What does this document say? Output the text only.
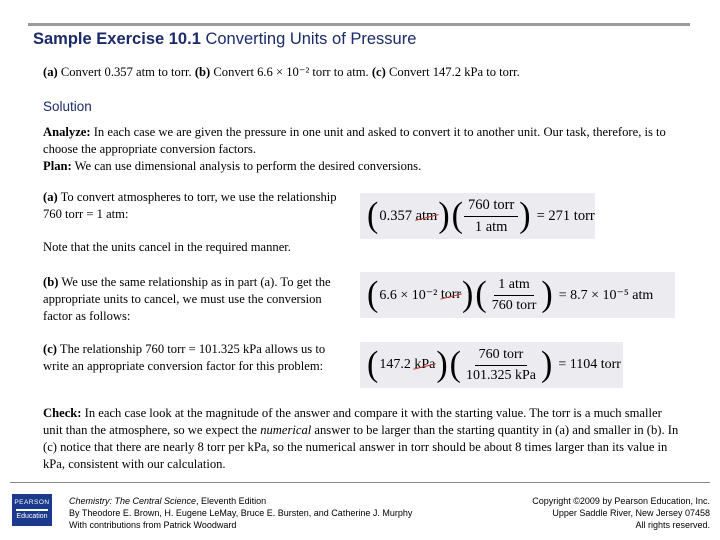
Sample Exercise 10.1 Converting Units of Pressure
(a) Convert 0.357 atm to torr. (b) Convert 6.6 × 10⁻² torr to atm. (c) Convert 147.2 kPa to torr.
Solution
Analyze: In each case we are given the pressure in one unit and asked to convert it to another unit. Our task, therefore, is to choose the appropriate conversion factors.
Plan: We can use dimensional analysis to perform the desired conversions.
(a) To convert atmospheres to torr, we use the relationship 760 torr = 1 atm:	( 0.357
atm ) ( $\frac{\text{760 torr}}{\text{1 atm}}$ ) = 271 torr
Note that the units cancel in the required manner.
(b) We use the same relationship as in part (a). To get the appropriate units to cancel, we must use the conversion factor as follows:
( 6.6 × 10⁻²
torr ) ( $\frac{\text{1 atm}}{\text{760 torr}}$ ) = 8.7 × 10⁻⁵ atm
(c) The relationship 760 torr = 101.325 kPa allows us to write an appropriate conversion factor for this problem:	( 147.2
kPa ) ( $\frac{\text{760 torr}}{\text{101.325 kPa}}$ ) = 1104 torr
Check: In each case look at the magnitude of the answer and compare it with the starting value. The torr is a much smaller unit than the atmosphere, so we expect the numerical answer to be larger than the starting quantity in (a) and smaller in (b). In (c) notice that there are nearly 8 torr per kPa, so the numerical answer in torr should be about 8 times larger than its value in kPa, consistent with our calculation.
PEARSON
Education
Chemistry: The Central Science, Eleventh Edition
By Theodore E. Brown, H. Eugene LeMay, Bruce E. Bursten, and Catherine J. Murphy
With contributions from Patrick Woodward
Copyright ©2009 by Pearson Education, Inc.
Upper Saddle River, New Jersey 07458
All rights reserved.
